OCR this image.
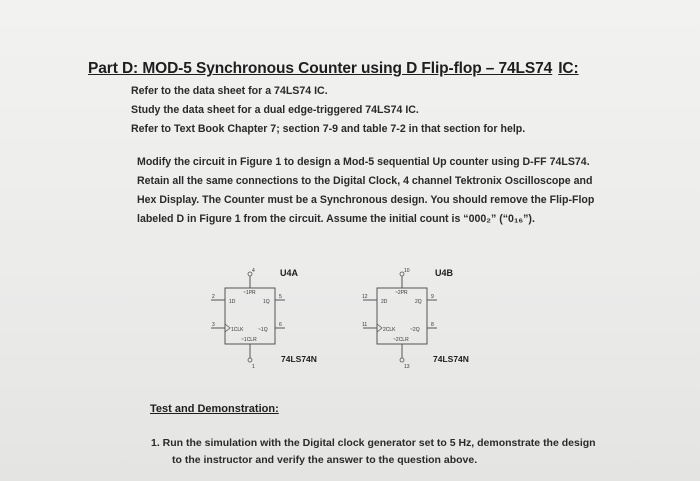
Part D: MOD-5 Synchronous Counter using D Flip-flop – 74LS74 IC:
Refer to the data sheet for a 74LS74 IC.
Study the data sheet for a dual edge-triggered 74LS74 IC.
Refer to Text Book Chapter 7; section 7-9 and table 7-2 in that section for help.
Modify the circuit in Figure 1 to design a Mod-5 sequential Up counter using D-FF 74LS74.
Retain all the same connections to the Digital Clock, 4 channel Tektronix Oscilloscope and
Hex Display. The Counter must be a Synchronous design. You should remove the Flip-Flop
labeled D in Figure 1 from the circuit. Assume the initial count is “000₂” (“0₁₆”).
~1PR
1D	1Q
1CLK	~1Q
~1CLR
4
2	5
3	6
1
U4A
74LS74N
~2PR
2D	2Q
2CLK	~2Q
~2CLR
10
12	9
11	8
13
U4B
74LS74N
Test and Demonstration:
1. Run the simulation with the Digital clock generator set to 5 Hz, demonstrate the design
to the instructor and verify the answer to the question above.
